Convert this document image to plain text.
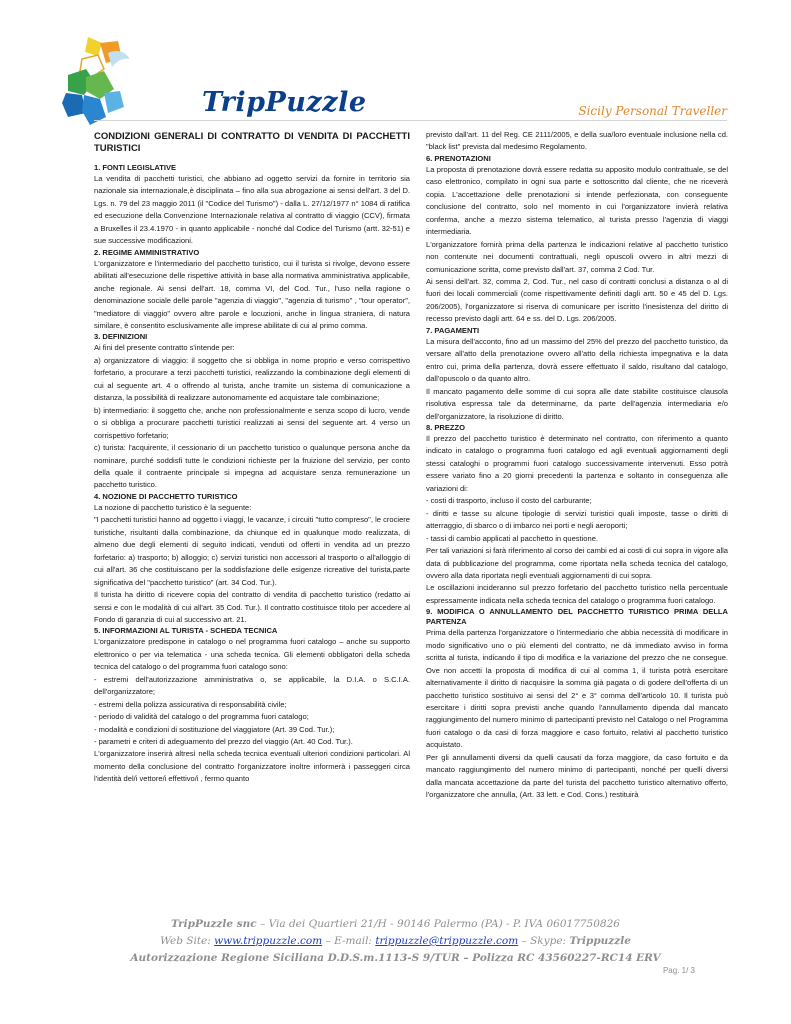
TripPuzzle	Sicily Personal Traveller

CONDIZIONI GENERALI DI CONTRATTO DI VENDITA DI PACCHETTI TURISTICI

1. FONTI LEGISLATIVE

La vendita di pacchetti turistici, che abbiano ad oggetto servizi da fornire in territorio sia nazionale sia internazionale,è disciplinata – fino alla sua abrogazione ai sensi dell'art. 3 del D. Lgs. n. 79 del 23 maggio 2011 (il "Codice del Turismo") - dalla L. 27/12/1977 n° 1084 di ratifica ed esecuzione della Convenzione Internazionale relativa al contratto di viaggio (CCV), firmata a Bruxelles il 23.4.1970 - in quanto applicabile - nonché dal Codice del Turismo (artt. 32-51) e sue successive modificazioni.

2. REGIME AMMINISTRATIVO

L'organizzatore e l'intermediario del pacchetto turistico, cui il turista si rivolge, devono essere abilitati all'esecuzione delle rispettive attività in base alla normativa amministrativa applicabile, anche regionale. Ai sensi dell'art. 18, comma VI, del Cod. Tur., l'uso nella ragione o denominazione sociale delle parole "agenzia di viaggio", "agenzia di turismo" , "tour operator", "mediatore di viaggio" ovvero altre parole e locuzioni, anche in lingua straniera, di natura similare, è consentito esclusivamente alle imprese abilitate di cui al primo comma.

3. DEFINIZIONI

Ai fini del presente contratto s'intende per:

a) organizzatore di viaggio: il soggetto che si obbliga in nome proprio e verso corrispettivo forfetario, a procurare a terzi pacchetti turistici, realizzando la combinazione degli elementi di cui al seguente art. 4 o offrendo al turista, anche tramite un sistema di comunicazione a distanza, la possibilità di realizzare autonomamente ed acquistare tale combinazione;

b) intermediario: il soggetto che, anche non professionalmente e senza scopo di lucro, vende o si obbliga a procurare pacchetti turistici realizzati ai sensi del seguente art. 4 verso un corrispettivo forfetario;

c) turista: l'acquirente, il cessionario di un pacchetto turistico o qualunque persona anche da nominare, purché soddisfi tutte le condizioni richieste per la fruizione del servizio, per conto della quale il contraente principale si impegna ad acquistare senza remunerazione un pacchetto turistico.

4. NOZIONE DI PACCHETTO TURISTICO

La nozione di pacchetto turistico è la seguente:

"I pacchetti turistici hanno ad oggetto i viaggi, le vacanze, i circuiti "tutto compreso", le crociere turistiche, risultanti dalla combinazione, da chiunque ed in qualunque modo realizzata, di almeno due degli elementi di seguito indicati, venduti od offerti in vendita ad un prezzo forfetario: a) trasporto; b) alloggio; c) servizi turistici non accessori al trasporto o all'alloggio di cui all'art. 36 che costituiscano per la soddisfazione delle esigenze ricreative del turista,parte significativa del "pacchetto turistico" (art. 34 Cod. Tur.).

Il turista ha diritto di ricevere copia del contratto di vendita di pacchetto turistico (redatto ai sensi e con le modalità di cui all'art. 35 Cod. Tur.). Il contratto costituisce titolo per accedere al Fondo di garanzia di cui al successivo art. 21.

5. INFORMAZIONI AL TURISTA - SCHEDA TECNICA

L'organizzatore predispone in catalogo o nel programma fuori catalogo – anche su supporto elettronico o per via telematica - una scheda tecnica. Gli elementi obbligatori della scheda tecnica del catalogo o del programma fuori catalogo sono:

- estremi dell'autorizzazione amministrativa o, se applicabile, la D.I.A. o S.C.I.A. dell'organizzatore;

- estremi della polizza assicurativa di responsabilità civile;

- periodo di validità del catalogo o del programma fuori catalogo;

- modalità e condizioni di sostituzione del viaggiatore (Art. 39 Cod. Tur.);

- parametri e criteri di adeguamento del prezzo del viaggio (Art. 40 Cod. Tur.).

L'organizzatore inserirà altresì nella scheda tecnica eventuali ulteriori condizioni particolari. Al momento della conclusione del contratto l'organizzatore inoltre informerà i passeggeri circa l'identità del/i vettore/i effettivo/i , fermo quanto

previsto dall'art. 11 del Reg. CE 2111/2005, e della sua/loro eventuale inclusione nella cd. "black list" prevista dal medesimo Regolamento.

6. PRENOTAZIONI

La proposta di prenotazione dovrà essere redatta su apposito modulo contrattuale, se del caso elettronico, compilato in ogni sua parte e sottoscritto dal cliente, che ne riceverà copia. L'accettazione delle prenotazioni si intende perfezionata, con conseguente conclusione del contratto, solo nel momento in cui l'organizzatore invierà relativa conferma, anche a mezzo sistema telematico, al turista presso l'agenzia di viaggi intermediaria.

L'organizzatore fornirà prima della partenza le indicazioni relative al pacchetto turistico non contenute nei documenti contrattuali, negli opuscoli ovvero in altri mezzi di comunicazione scritta, come previsto dall'art. 37, comma 2 Cod. Tur.

Ai sensi dell'art. 32, comma 2, Cod. Tur., nel caso di contratti conclusi a distanza o al di fuori dei locali commerciali (come rispettivamente definiti dagli artt. 50 e 45 del D. Lgs. 206/2005), l'organizzatore si riserva di comunicare per iscritto l'inesistenza del diritto di recesso previsto dagli artt. 64 e ss. del D. Lgs. 206/2005.

7. PAGAMENTI

La misura dell'acconto, fino ad un massimo del 25% del prezzo del pacchetto turistico, da versare all'atto della prenotazione ovvero all'atto della richiesta impegnativa e la data entro cui, prima della partenza, dovrà essere effettuato il saldo, risultano dal catalogo, dall'opuscolo o da quanto altro.

Il mancato pagamento delle somme di cui sopra alle date stabilite costituisce clausola risolutiva espressa tale da determinarne, da parte dell'agenzia intermediaria e/o dell'organizzatore, la risoluzione di diritto.

8. PREZZO

Il prezzo del pacchetto turistico è determinato nel contratto, con riferimento a quanto indicato in catalogo o programma fuori catalogo ed agli eventuali aggiornamenti degli stessi cataloghi o programmi fuori catalogo successivamente intervenuti. Esso potrà essere variato fino a 20 giorni precedenti la partenza e soltanto in conseguenza alle variazioni di:

- costi di trasporto, incluso il costo del carburante;

- diritti e tasse su alcune tipologie di servizi turistici quali imposte, tasse o diritti di atterraggio, di sbarco o di imbarco nei porti e negli aeroporti;

- tassi di cambio applicati al pacchetto in questione.

Per tali variazioni si farà riferimento al corso dei cambi ed ai costi di cui sopra in vigore alla data di pubblicazione del programma, come riportata nella scheda tecnica del catalogo, ovvero alla data riportata negli eventuali aggiornamenti di cui sopra.

Le oscillazioni incideranno sul prezzo forfetario del pacchetto turistico nella percentuale espressamente indicata nella scheda tecnica del catalogo o programma fuori catalogo.

9. MODIFICA O ANNULLAMENTO DEL PACCHETTO TURISTICO PRIMA DELLA PARTENZA

Prima della partenza l'organizzatore o l'intermediario che abbia necessità di modificare in modo significativo uno o più elementi del contratto, ne dà immediato avviso in forma scritta al turista, indicando il tipo di modifica e la variazione del prezzo che ne consegue. Ove non accetti la proposta di modifica di cui al comma 1, il turista potrà esercitare alternativamente il diritto di riacquisire la somma già pagata o di godere dell'offerta di un pacchetto turistico sostituivo ai sensi del 2° e 3° comma dell'articolo 10. Il turista può esercitare i diritti sopra previsti anche quando l'annullamento dipenda dal mancato raggiungimento del numero minimo di partecipanti previsto nel Catalogo o nel Programma fuori catalogo o da casi di forza maggiore e caso fortuito, relativi al pacchetto turistico acquistato.

Per gli annullamenti diversi da quelli causati da forza maggiore, da caso fortuito e da mancato raggiungimento del numero minimo di partecipanti, nonché per quelli diversi dalla mancata accettazione da parte del turista del pacchetto turistico alternativo offerto, l'organizzatore che annulla, (Art. 33 lett. e Cod. Cons.) restituirà

TripPuzzle snc – Via dei Quartieri 21/H - 90146 Palermo (PA) - P. IVA 06017750826
Web Site: www.trippuzzle.com – E-mail: trippuzzle@trippuzzle.com – Skype: Trippuzzle
Autorizzazione Regione Siciliana D.D.S.m.1113-S 9/TUR – Polizza RC 43560227-RC14 ERV
Pag. 1/ 3
